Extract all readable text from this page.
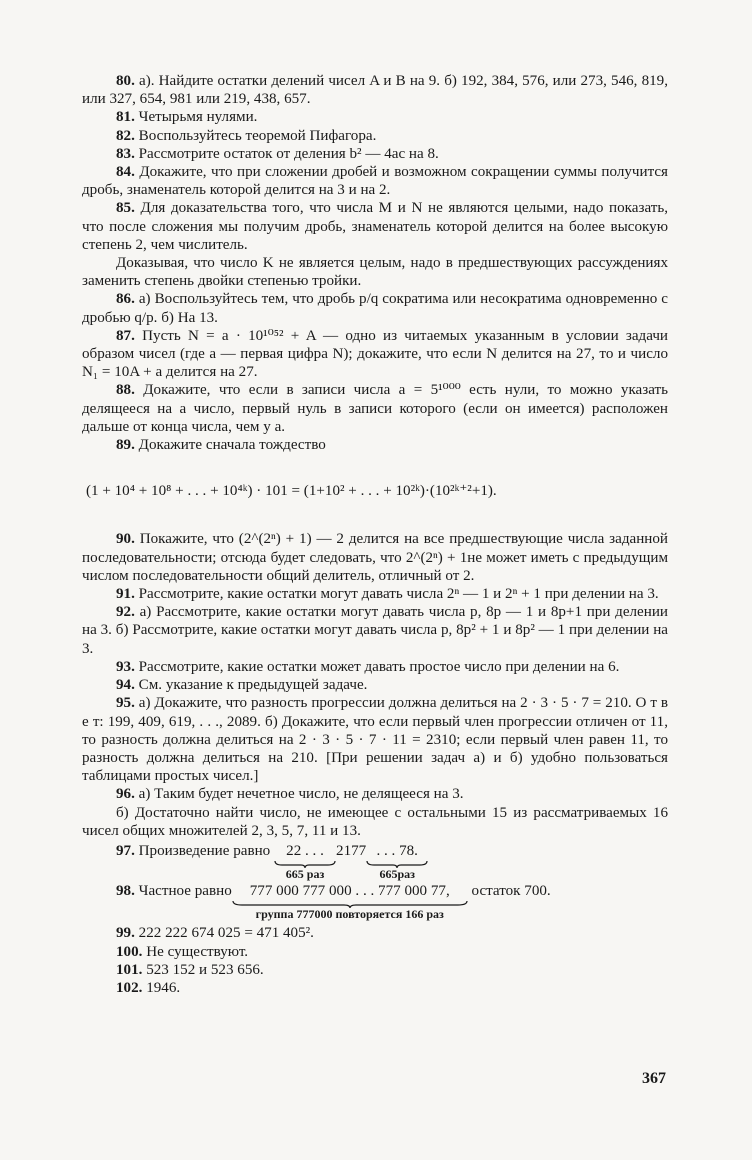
80. а). Найдите остатки делений чисел A и B на 9. б) 192, 384, 576, или 273, 546, 819, или 327, 654, 981 или 219, 438, 657.

81. Четырьмя нулями.

82. Воспользуйтесь теоремой Пифагора.

83. Рассмотрите остаток от деления b² — 4ac на 8.

84. Докажите, что при сложении дробей и возможном сокращении суммы получится дробь, знаменатель которой делится на 3 и на 2.

85. Для доказательства того, что числа M и N не являются целыми, надо показать, что после сложения мы получим дробь, знаменатель которой делится на более высокую степень 2, чем числитель.

Доказывая, что число K не является целым, надо в предшествующих рассуждениях заменить степень двойки степенью тройки.

86. а) Воспользуйтесь тем, что дробь p/q сократима или несократима одновременно с дробью q/p. б) На 13.

87. Пусть N = a · 10¹⁰⁵² + A — одно из читаемых указанным в условии задачи образом чисел (где a — первая цифра N); докажите, что если N делится на 27, то и число N₁ = 10A + a делится на 27.

88. Докажите, что если в записи числа a = 5¹⁰⁰⁰ есть нули, то можно указать делящееся на a число, первый нуль в записи которого (если он имеется) расположен дальше от конца числа, чем у a.

89. Докажите сначала тождество

(1 + 10⁴ + 10⁸ + . . . + 10⁴ᵏ) · 101 = (1+10² + . . . + 10²ᵏ)·(10²ᵏ⁺²+1).

90. Покажите, что (2^(2ⁿ) + 1) — 2 делится на все предшествующие числа заданной последовательности; отсюда будет следовать, что 2^(2ⁿ) + 1не может иметь с предыдущим числом последовательности общий делитель, отличный от 2.

91. Рассмотрите, какие остатки могут давать числа 2ⁿ — 1 и 2ⁿ + 1 при делении на 3.

92. а) Рассмотрите, какие остатки могут давать числа p, 8p — 1 и 8p+1 при делении на 3. б) Рассмотрите, какие остатки могут давать числа p, 8p² + 1 и 8p² — 1 при делении на 3.

93. Рассмотрите, какие остатки может давать простое число при делении на 6.

94. См. указание к предыдущей задаче.

95. а) Докажите, что разность прогрессии должна делиться на 2 · 3 · 5 · 7 = 210. О т в е т: 199, 409, 619, . . ., 2089. б) Докажите, что если первый член прогрессии отличен от 11, то разность должна делиться на 2 · 3 · 5 · 7 · 11 = 2310; если первый член равен 11, то разность должна делиться на 210. [При решении задач а) и б) удобно пользоваться таблицами простых чисел.]

96. а) Таким будет нечетное число, не делящееся на 3.

б) Достаточно найти число, не имеющее с остальными 15 из рассматриваемых 16 чисел общих множителей 2, 3, 5, 7, 11 и 13.

97. Произведение равно	22 . . .
665 раз
2177 . . . 78.
665раз
98. Частное равно	777 000 777 000 . . . 777 000 77,
группа 777000 повторяется 166 раз
остаток 700.

99. 222 222 674 025 = 471 405².

100. Не существуют.

101. 523 152 и 523 656.

102. 1946.

367
